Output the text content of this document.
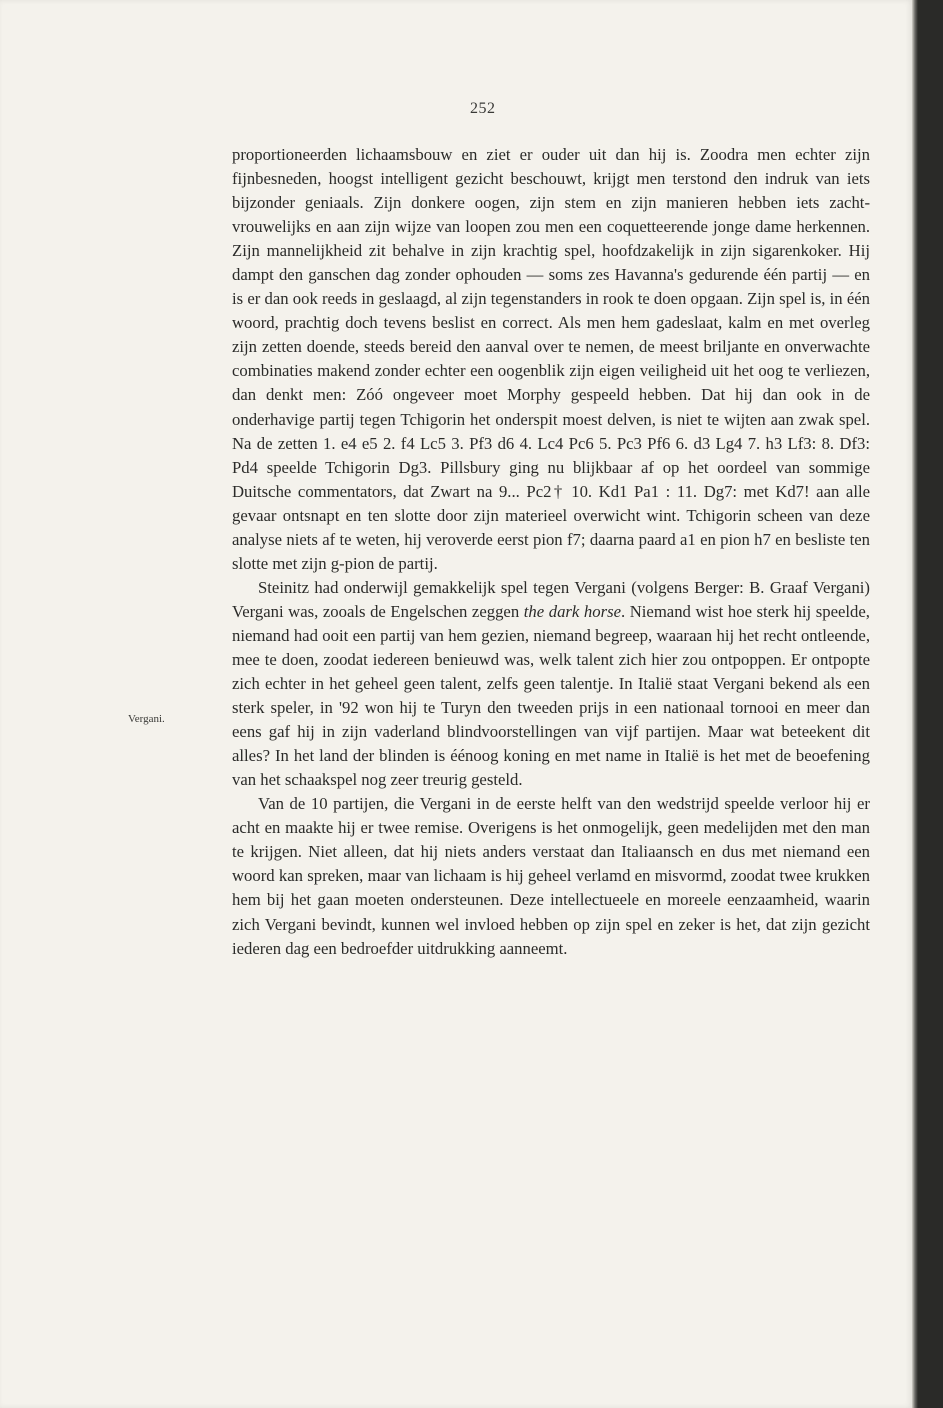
252
Vergani.

proportioneerden lichaamsbouw en ziet er ouder uit dan hij is. Zoodra men echter zijn fijnbesneden, hoogst intelligent gezicht beschouwt, krijgt men terstond den indruk van iets bijzonder geniaals. Zijn donkere oogen, zijn stem en zijn manieren hebben iets zacht-vrouwelijks en aan zijn wijze van loopen zou men een coquetteerende jonge dame herkennen. Zijn mannelijkheid zit behalve in zijn krachtig spel, hoofdzakelijk in zijn sigarenkoker. Hij dampt den ganschen dag zonder ophouden — soms zes Havanna's gedurende één partij — en is er dan ook reeds in geslaagd, al zijn tegenstanders in rook te doen opgaan. Zijn spel is, in één woord, prachtig doch tevens beslist en correct. Als men hem gadeslaat, kalm en met overleg zijn zetten doende, steeds bereid den aanval over te nemen, de meest briljante en onverwachte combinaties makend zonder echter een oogenblik zijn eigen veiligheid uit het oog te verliezen, dan denkt men: Zóó ongeveer moet Morphy gespeeld hebben. Dat hij dan ook in de onderhavige partij tegen Tchigorin het onderspit moest delven, is niet te wijten aan zwak spel. Na de zetten 1. e4 e5 2. f4 Lc5 3. Pf3 d6 4. Lc4 Pc6 5. Pc3 Pf6 6. d3 Lg4 7. h3 Lf3: 8. Df3: Pd4 speelde Tchigorin Dg3. Pillsbury ging nu blijkbaar af op het oordeel van sommige Duitsche commentators, dat Zwart na 9... Pc2† 10. Kd1 Pa1 : 11. Dg7: met Kd7! aan alle gevaar ontsnapt en ten slotte door zijn materieel overwicht wint. Tchigorin scheen van deze analyse niets af te weten, hij veroverde eerst pion f7; daarna paard a1 en pion h7 en besliste ten slotte met zijn g-pion de partij.

Steinitz had onderwijl gemakkelijk spel tegen Vergani (volgens Berger: B. Graaf Vergani) Vergani was, zooals de Engelschen zeggen the dark horse. Niemand wist hoe sterk hij speelde, niemand had ooit een partij van hem gezien, niemand begreep, waaraan hij het recht ontleende, mee te doen, zoodat iedereen benieuwd was, welk talent zich hier zou ontpoppen. Er ontpopte zich echter in het geheel geen talent, zelfs geen talentje. In Italië staat Vergani bekend als een sterk speler, in '92 won hij te Turyn den tweeden prijs in een nationaal tornooi en meer dan eens gaf hij in zijn vaderland blindvoorstellingen van vijf partijen. Maar wat beteekent dit alles? In het land der blinden is éénoog koning en met name in Italië is het met de beoefening van het schaakspel nog zeer treurig gesteld.

Van de 10 partijen, die Vergani in de eerste helft van den wedstrijd speelde verloor hij er acht en maakte hij er twee remise. Overigens is het onmogelijk, geen medelijden met den man te krijgen. Niet alleen, dat hij niets anders verstaat dan Italiaansch en dus met niemand een woord kan spreken, maar van lichaam is hij geheel verlamd en misvormd, zoodat twee krukken hem bij het gaan moeten ondersteunen. Deze intellectueele en moreele eenzaamheid, waarin zich Vergani bevindt, kunnen wel invloed hebben op zijn spel en zeker is het, dat zijn gezicht iederen dag een bedroefder uitdrukking aanneemt.
